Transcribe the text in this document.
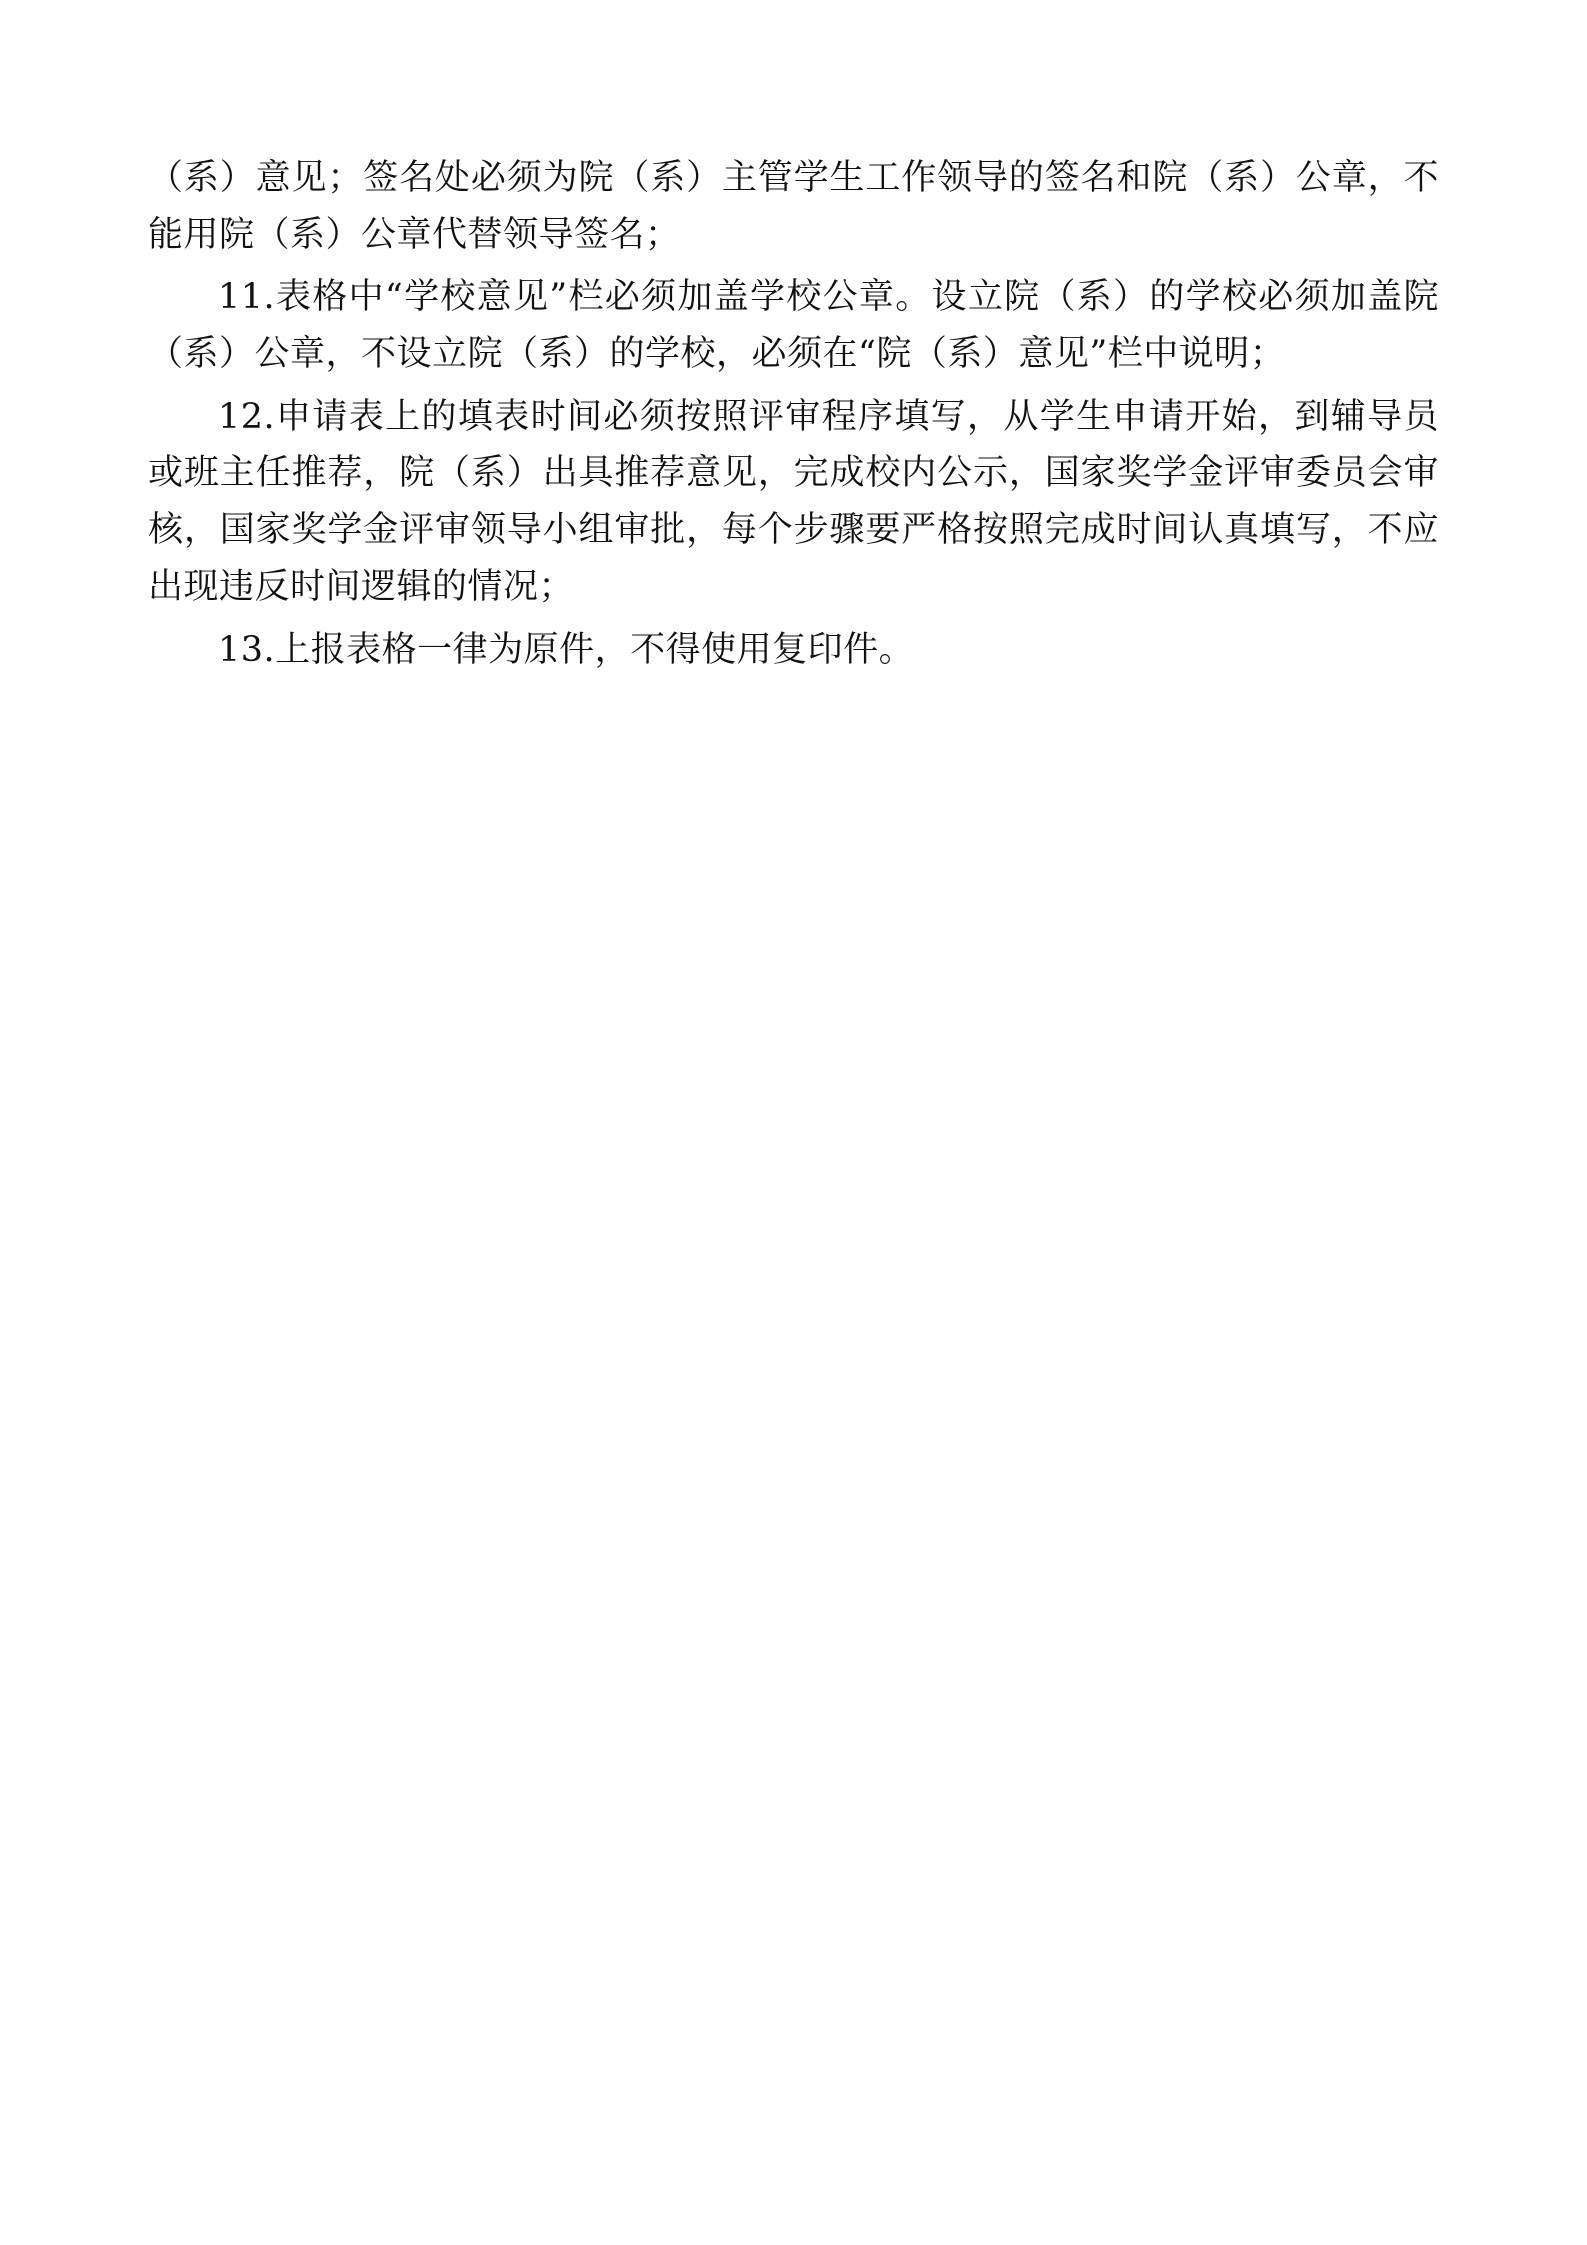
（系）意见；签名处必须为院（系）主管学生工作领导的签名和院（系）公章，不能用院（系）公章代替领导签名；

11.表格中“学校意见”栏必须加盖学校公章。设立院（系）的学校必须加盖院（系）公章，不设立院（系）的学校，必须在“院（系）意见”栏中说明；

12.申请表上的填表时间必须按照评审程序填写，从学生申请开始，到辅导员或班主任推荐，院（系）出具推荐意见，完成校内公示，国家奖学金评审委员会审核，国家奖学金评审领导小组审批，每个步骤要严格按照完成时间认真填写，不应出现违反时间逻辑的情况；

13.上报表格一律为原件，不得使用复印件。
